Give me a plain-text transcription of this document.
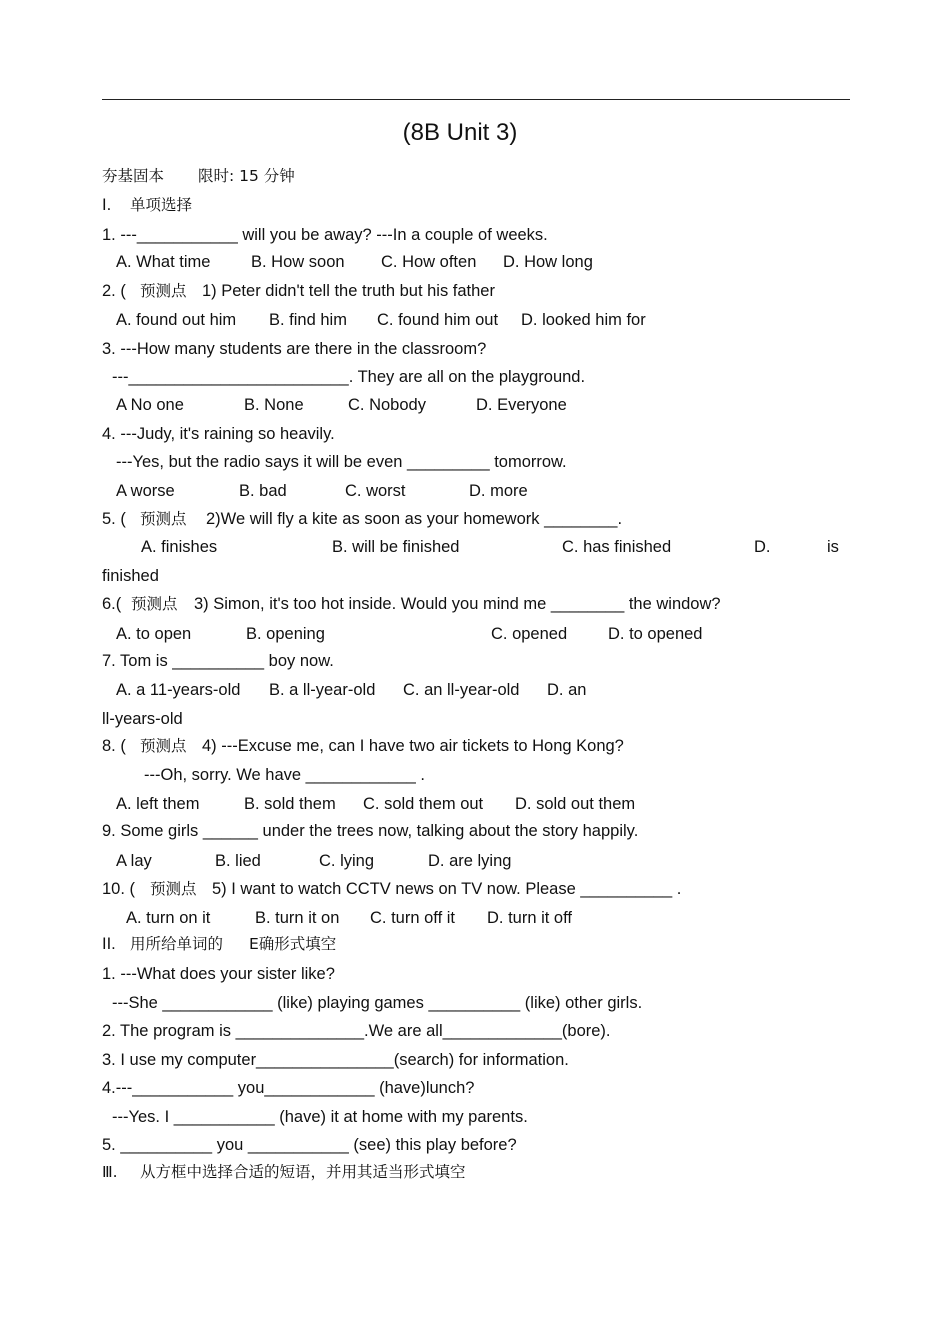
(8B Unit 3)
夯基固本 限时: 15 分钟
I. 单项选择
1. ---___________ will you be away? ---In a couple of weeks.
A. What time B. How soon C. How often D. How long
2. ( 预测点 1) Peter didn't tell the truth but his father
A. found out him B. find him C. found him out D. looked him for
3. ---How many students are there in the classroom?
---________________________. They are all on the playground.
A No one	B. None	C. Nobody	D. Everyone
4. ---Judy, it's raining so heavily.
---Yes, but the radio says it will be even _________ tomorrow.
A worse	B. bad	C. worst	D. more
5. ( 预测点 2)We will fly a kite as soon as your homework ________.
A. finishes	B. will be finished	C. has finished	D.	is
finished
6.( 预测点 3) Simon, it's too hot inside. Would you mind me ________ the window?
A. to open	B. opening	C. opened D. to opened
7. Tom is __________ boy now.
A. a 11-years-old B. a ll-year-old C. an ll-year-old D. an
ll-years-old
8. ( 预测点 4) ---Excuse me, can I have two air tickets to Hong Kong?
---Oh, sorry. We have ____________ .
A. left them	B. sold them C. sold them out D. sold out them
9. Some girls ______ under the trees now, talking about the story happily.
A lay	B. lied	C. lying	D. are lying
10. ( 预测点 5) I want to watch CCTV news on TV now. Please __________ .
A. turn on it	B. turn it on C. turn off it D. turn it off
II. 用所给单词的 E确形式填空
1. ---What does your sister like?
---She ____________ (like) playing games __________ (like) other girls.
2. The program is ______________.We are all_____________(bore).
3. I use my computer_______________(search) for information.
4.---___________ you____________ (have)lunch?
---Yes. I ___________ (have) it at home with my parents.
5. __________ you ___________ (see) this play before?
Ⅲ. 从方框中选择合适的短语，并用其适当形式填空
